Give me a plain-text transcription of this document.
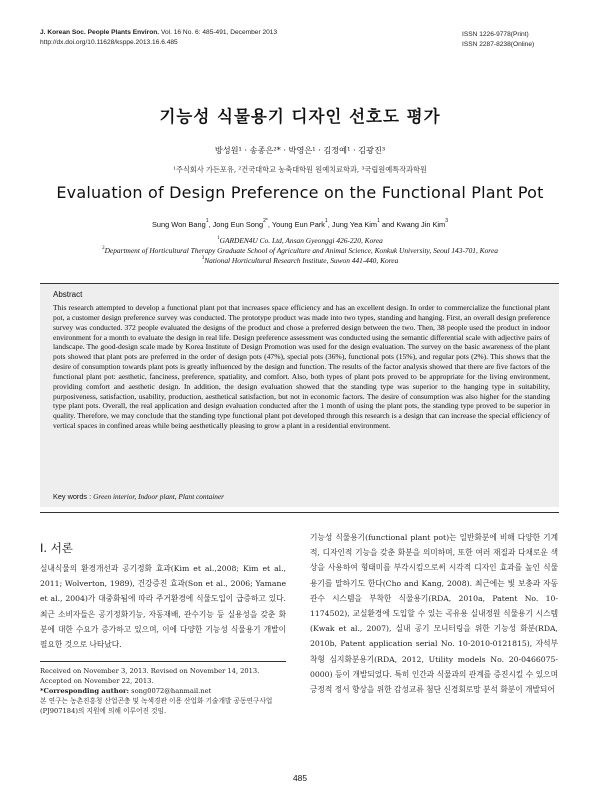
J. Korean Soc. People Plants Environ. Vol. 16 No. 6: 485-491, December 2013
http://dx.doi.org/10.11628/ksppe.2013.16.6.485
ISSN 1226-9778(Print)
ISSN 2287-8238(Online)
기능성 식물용기 디자인 선호도 평가
방성원¹ · 송종은²* · 박영은¹ · 김정예¹ · 김광진³
¹주식회사 가든포유, ²건국대학교 농축대학원 원예치료학과, ³국립원예특작과학원
Evaluation of Design Preference on the Functional Plant Pot
Sung Won Bang$^1$, Jong Eun Song$^{2*}$, Young Eun Park$^1$, Jung Yea Kim$^1$ and Kwang Jin Kim$^3$
$^1$GARDEN4U Co. Ltd, Ansan Gyeonggi 426-220, Korea
$^2$Department of Horticultural Therapy Graduate School of Agriculture and Animal Science, Konkuk University, Seoul 143-701, Korea
$^3$National Horticultural Research Institute, Suwon 441-440, Korea
Abstract
This research attempted to develop a functional plant pot that increases space efficiency and has an excellent design. In order to commercialize the functional plant pot, a customer design preference survey was conducted. The prototype product was made into two types, standing and hanging. First, an overall design preference survey was conducted. 372 people evaluated the designs of the product and chose a preferred design between the two. Then, 38 people used the product in indoor environment for a month to evaluate the design in real life. Design preference assessment was conducted using the semantic differential scale with adjective pairs of landscape. The good-design scale made by Korea Institute of Design Promotion was used for the design evaluation. The survey on the basic awareness of the plant pots showed that plant pots are preferred in the order of design pots (47%), special pots (36%), functional pots (15%), and regular pots (2%). This shows that the desire of consumption towards plant pots is greatly influenced by the design and function. The results of the factor analysis showed that there are five factors of the functional plant pot: aesthetic, fanciness, preference, spatiality, and comfort. Also, both types of plant pots proved to be appropriate for the living environment, providing comfort and aesthetic design. In addition, the design evaluation showed that the standing type was superior to the hanging type in suitability, purposiveness, satisfaction, usability, production, aesthetical satisfaction, but not in economic factors. The desire of consumption was also higher for the standing type plant pots. Overall, the real application and design evaluation conducted after the 1 month of using the plant pots, the standing type proved to be superior in quality. Therefore, we may conclude that the standing type functional plant pot developed through this research is a design that can increase the special efficiency of vertical spaces in confined areas while being aesthetically pleasing to grow a plant in a residential environment.
Key words : Green interior, Indoor plant, Plant container
Ⅰ. 서론
실내식물의 환경개선과 공기정화 효과(Kim et al.,2008; Kim et al., 2011; Wolverton, 1989), 건강증진 효과(Son et al., 2006; Yamane et al., 2004)가 대중화됨에 따라 주거환경에 식물도입이 급증하고 있다. 최근 소비자들은 공기정화기능, 자동재배, 관수기능 등 실용성을 갖춘 화분에 대한 수요가 증가하고 있으며, 이에 다양한 기능성 식물용기 개발이 필요한 것으로 나타났다.
기능성 식물용기(functional plant pot)는 일반화분에 비해 다양한 기계적, 디자인적 기능을 갖춘 화분을 의미하며, 또한 여러 재질과 다채로운 색상을 사용하여 형태미를 부각시킴으로써 시각적 디자인 효과를 높인 식물용기를 말하기도 한다(Cho and Kang, 2008). 최근에는 빛 보충과 자동관수 시스템을 부착한 식물용기(RDA, 2010a, Patent No. 10-1174502), 교실환경에 도입할 수 있는 곡유용 실내정원 식물용기 시스템(Kwak et al., 2007), 실내 공기 모니터링을 위한 기능성 화분(RDA, 2010b, Patent application serial No. 10-2010-0121815), 자석부착형 심지화분용기(RDA, 2012, Utility models No. 20-0466075-0000) 등이 개발되었다. 특히 인간과 식물과의 관계를 증진시킬 수 있으며 긍정적 정서 향상을 위한 감성교류 첨단 신경회로망 분석 화분이 개발되어
Received on November 3, 2013. Revised on November 14, 2013. Accepted on November 22, 2013.
*Corresponding author: song0072@hanmail.net
본 연구는 농촌진흥청 산업곤충 및 녹색경관 이용 산업화 기술개발 공동연구사업(PJ907184)의 지원에 의해 이루어진 것임.
485
